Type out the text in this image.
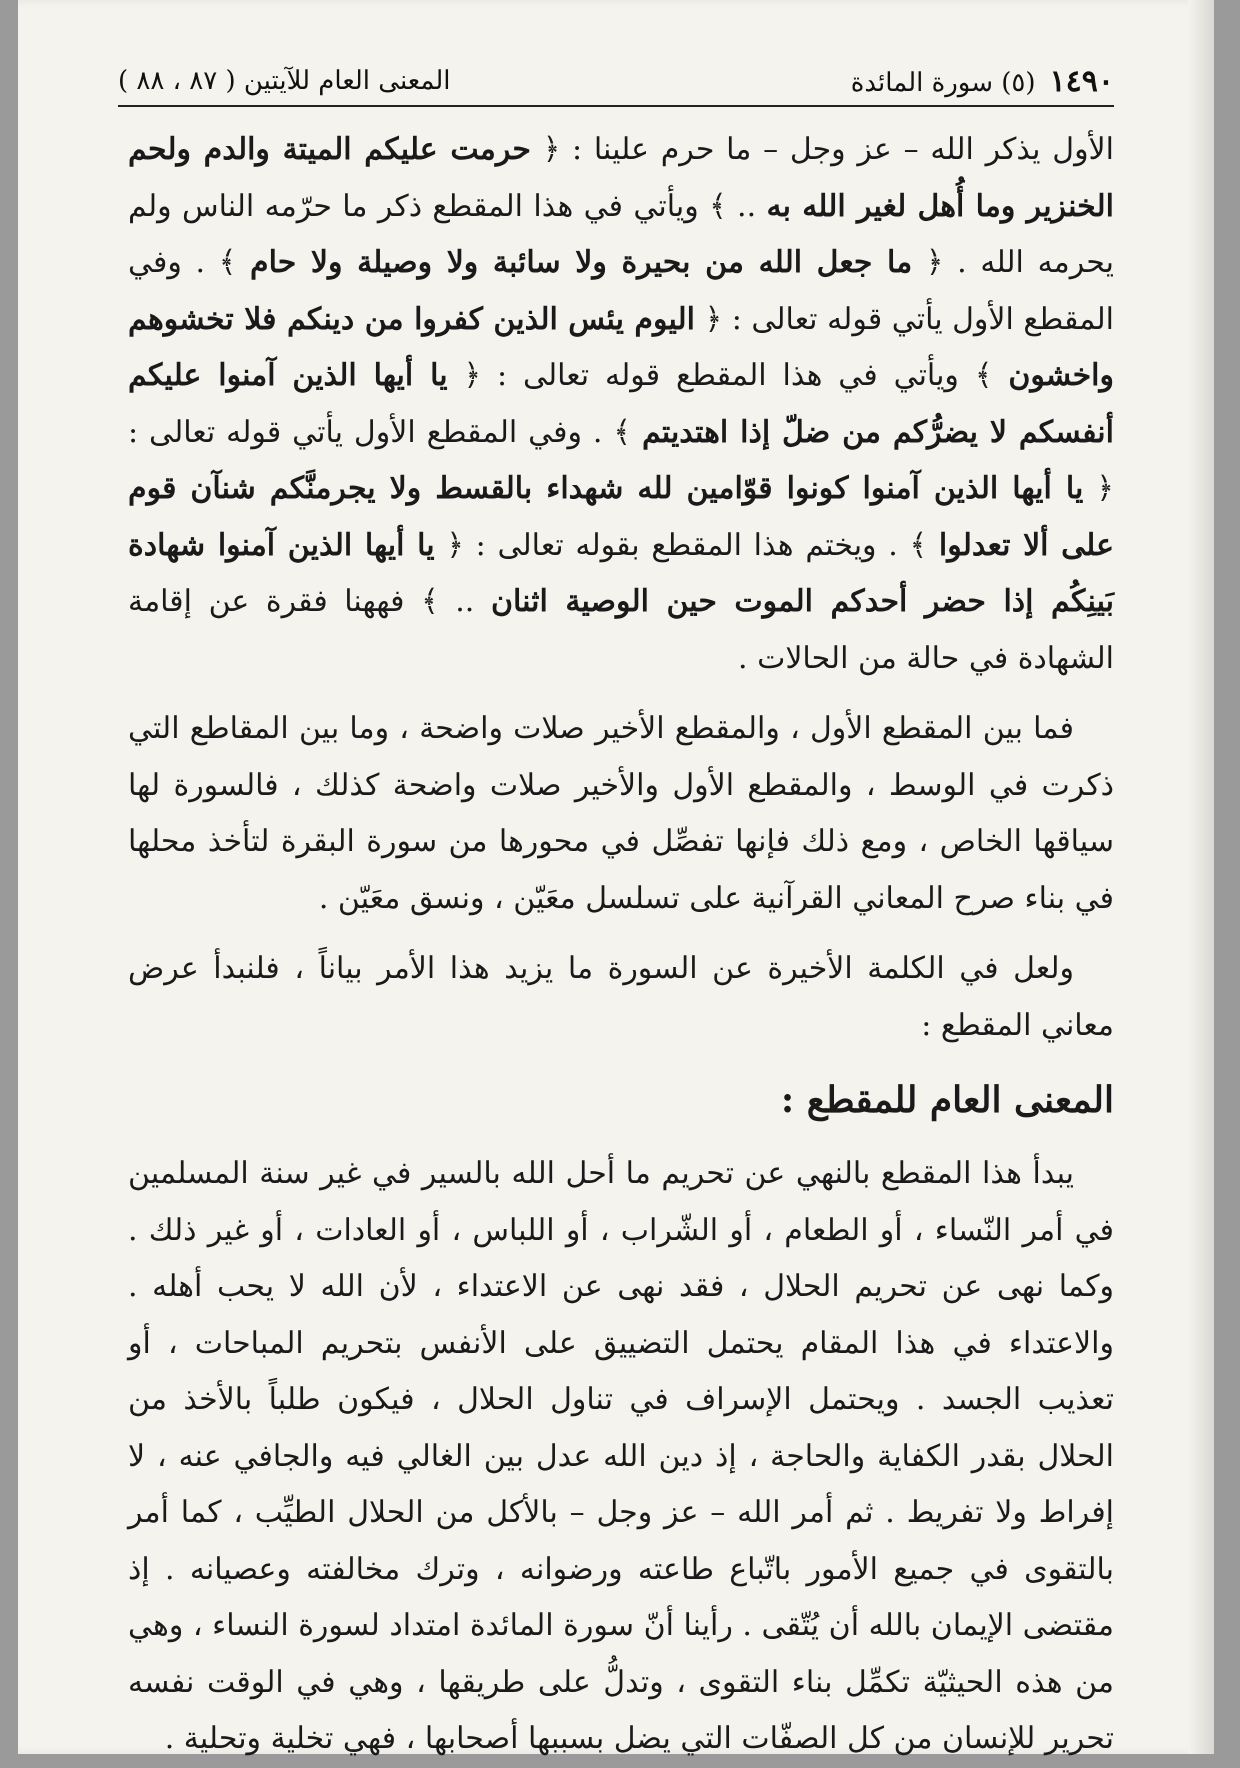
١٤٩٠
(٥) سورة المائدة
المعنى العام للآيتين ( ٨٧ ، ٨٨ )

الأول يذكر الله – عز وجل – ما حرم علينا : ﴿ حرمت عليكم الميتة والدم ولحم الخنزير وما أُهل لغير الله به .. ﴾ ويأتي في هذا المقطع ذكر ما حرّمه الناس ولم يحرمه الله . ﴿ ما جعل الله من بحيرة ولا سائبة ولا وصيلة ولا حام ﴾ . وفي المقطع الأول يأتي قوله تعالى : ﴿ اليوم يئس الذين كفروا من دينكم فلا تخشوهم واخشون ﴾ ويأتي في هذا المقطع قوله تعالى : ﴿ يا أيها الذين آمنوا عليكم أنفسكم لا يضرُّكم من ضلّ إذا اهتديتم ﴾ . وفي المقطع الأول يأتي قوله تعالى : ﴿ يا أيها الذين آمنوا كونوا قوّامين لله شهداء بالقسط ولا يجرمنَّكم شنآن قوم على ألا تعدلوا ﴾ . ويختم هذا المقطع بقوله تعالى : ﴿ يا أيها الذين آمنوا شهادة بَينِكُم إذا حضر أحدكم الموت حين الوصية اثنان .. ﴾ فههنا فقرة عن إقامة الشهادة في حالة من الحالات .

فما بين المقطع الأول ، والمقطع الأخير صلات واضحة ، وما بين المقاطع التي ذكرت في الوسط ، والمقطع الأول والأخير صلات واضحة كذلك ، فالسورة لها سياقها الخاص ، ومع ذلك فإنها تفصِّل في محورها من سورة البقرة لتأخذ محلها في بناء صرح المعاني القرآنية على تسلسل معَيّن ، ونسق معَيّن .

ولعل في الكلمة الأخيرة عن السورة ما يزيد هذا الأمر بياناً ، فلنبدأ عرض معاني المقطع :

المعنى العام للمقطع :

يبدأ هذا المقطع بالنهي عن تحريم ما أحل الله بالسير في غير سنة المسلمين في أمر النّساء ، أو الطعام ، أو الشّراب ، أو اللباس ، أو العادات ، أو غير ذلك . وكما نهى عن تحريم الحلال ، فقد نهى عن الاعتداء ، لأن الله لا يحب أهله . والاعتداء في هذا المقام يحتمل التضييق على الأنفس بتحريم المباحات ، أو تعذيب الجسد . ويحتمل الإسراف في تناول الحلال ، فيكون طلباً بالأخذ من الحلال بقدر الكفاية والحاجة ، إذ دين الله عدل بين الغالي فيه والجافي عنه ، لا إفراط ولا تفريط . ثم أمر الله – عز وجل – بالأكل من الحلال الطيِّب ، كما أمر بالتقوى في جميع الأمور باتّباع طاعته ورضوانه ، وترك مخالفته وعصيانه . إذ مقتضى الإيمان بالله أن يُتّقى . رأينا أنّ سورة المائدة امتداد لسورة النساء ، وهي من هذه الحيثيّة تكمِّل بناء التقوى ، وتدلُّ على طريقها ، وهي في الوقت نفسه تحرير للإنسان من كل الصفّات التي يضل بسببها أصحابها ، فهي تخلية وتحلية .
